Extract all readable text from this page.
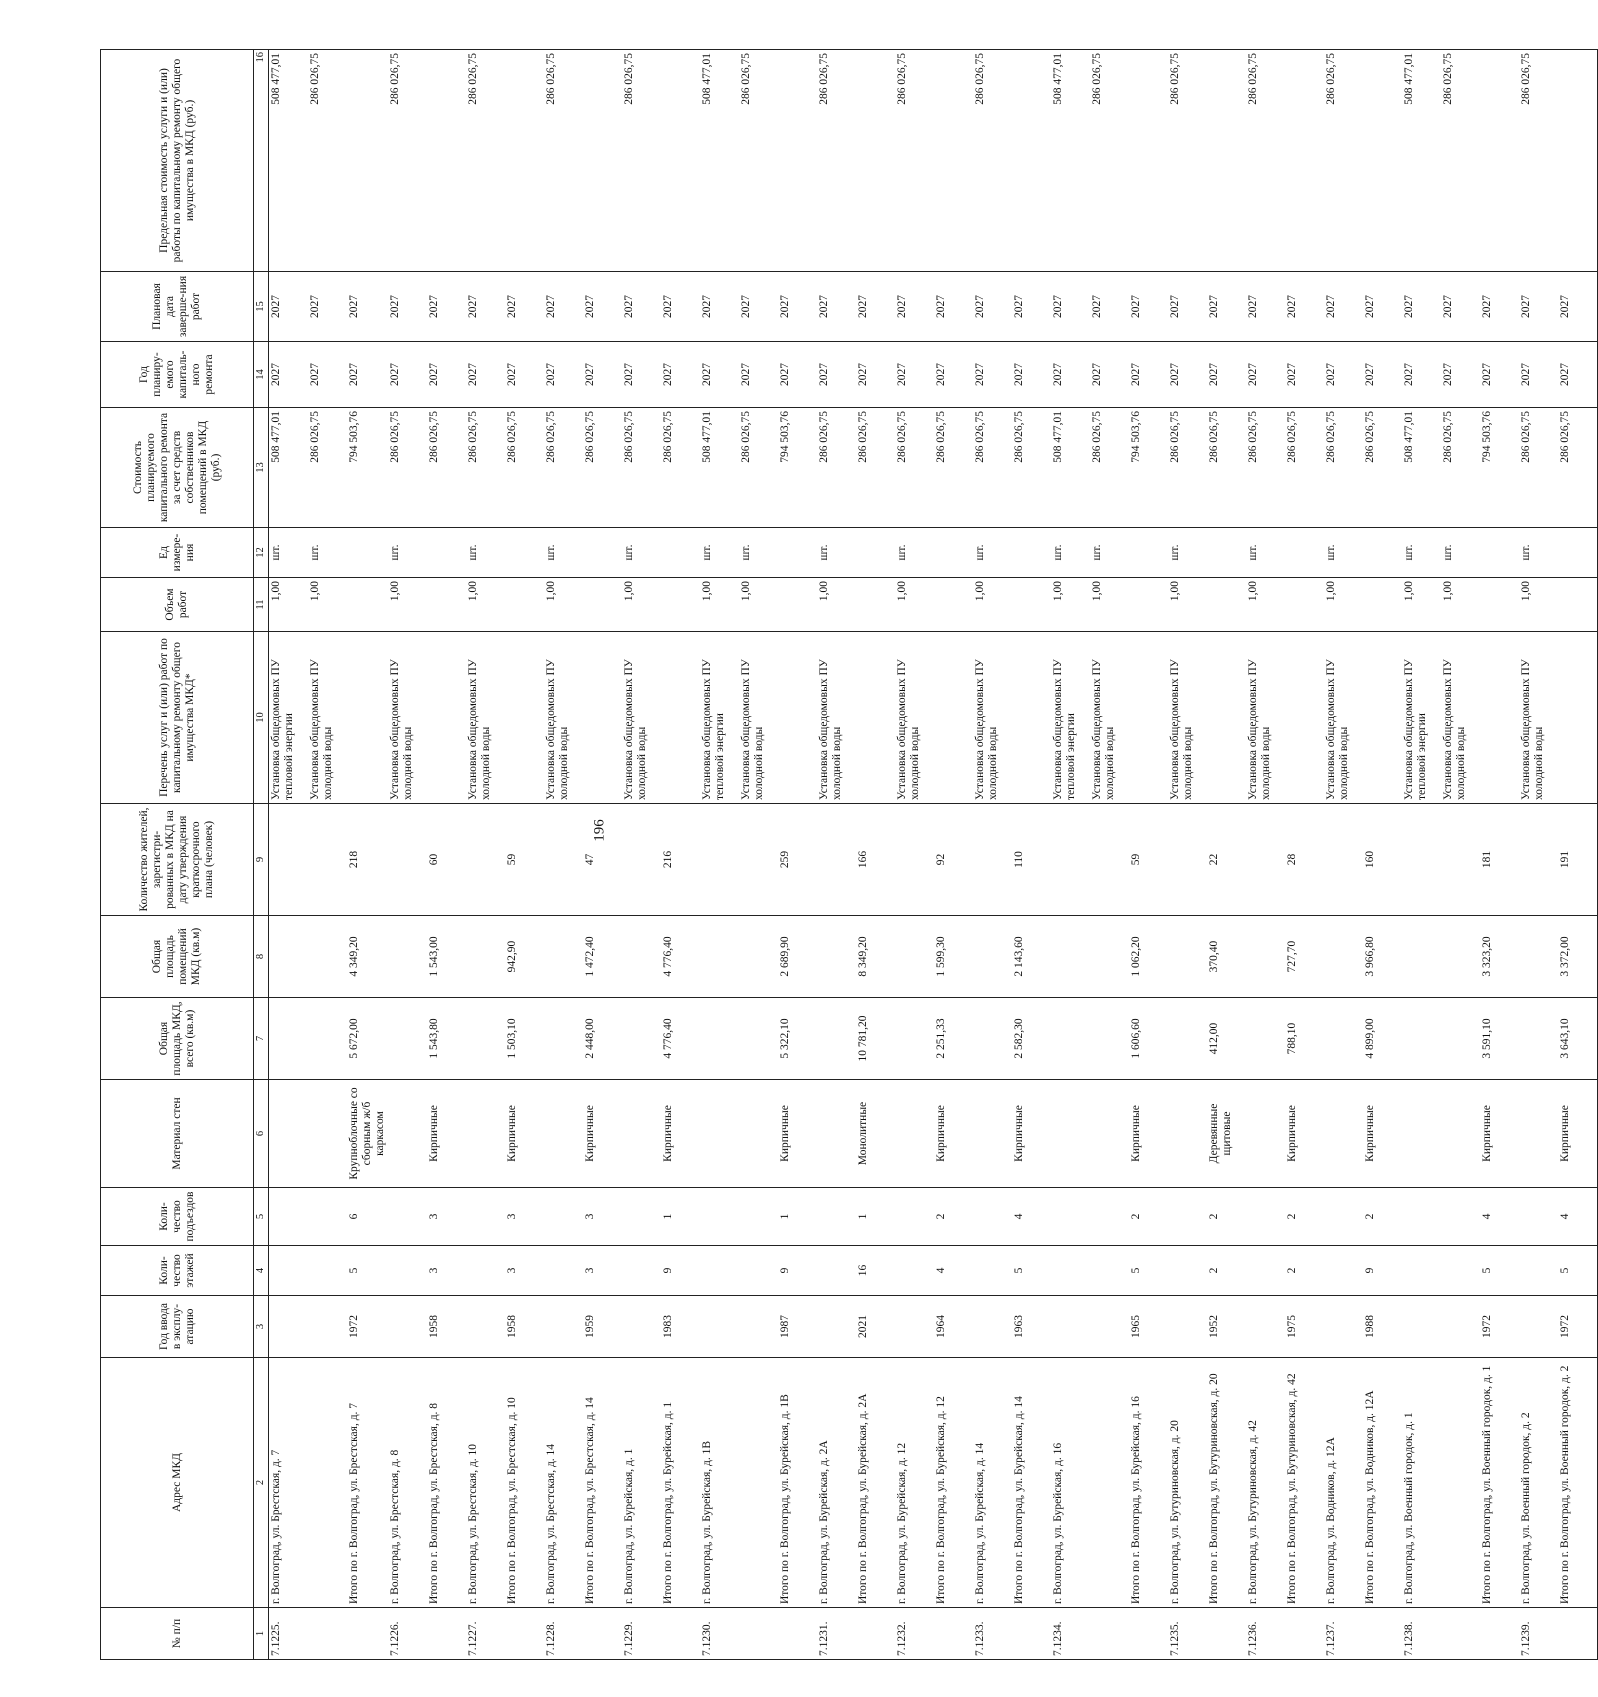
196
№ п/п	Адрес МКД	Год ввода в эксплу-атацию	Коли-чество этажей	Коли-чество подъездов	Материал стен	Общая площадь МКД, всего (кв.м)	Общая площадь помещений МКД (кв.м)	Количество жителей, зарегистри-рованных в МКД на дату утверждения краткосрочного плана (человек)	Перечень услуг и (или) работ по капитальному ремонту общего имущества МКД*	Объем работ	Ед измере-ния	Стоимость планируемого капитального ремонта за счет средств собственников помещений в МКД (руб.)	Год планиру-емого капиталь-ного ремонта	Плановая дата заверше-ния работ	Предельная стоимость услуги и (или) работы по капитальному ремонту общего имущества в МКД (руб.)
1	2	3	4	5	6	7	8	9	10	11	12	13	14	15	16
7.1225.	г. Волгоград, ул. Брестская, д. 7								Установка общедомовых ПУ тепловой энергии	1,00	шт.	508 477,01	2027	2027	508 477,01

									Установка общедомовых ПУ холодной воды	1,00	шт.	286 026,75	2027	2027	286 026,75
	Итого по г. Волгоград, ул. Брестская, д. 7	1972	5	6	Крупноблочные со сборным ж/б каркасом	5 672,00	4 349,20	218				794 503,76	2027	2027	
7.1226.	г. Волгоград, ул. Брестская, д. 8								Установка общедомовых ПУ холодной воды	1,00	шт.	286 026,75	2027	2027	286 026,75
	Итого по г. Волгоград, ул. Брестская, д. 8	1958	3	3	Кирпичные	1 543,80	1 543,00	60				286 026,75	2027	2027	
7.1227.	г. Волгоград, ул. Брестская, д. 10								Установка общедомовых ПУ холодной воды	1,00	шт.	286 026,75	2027	2027	286 026,75
	Итого по г. Волгоград, ул. Брестская, д. 10	1958	3	3	Кирпичные	1 503,10	942,90	59				286 026,75	2027	2027	
7.1228.	г. Волгоград, ул. Брестская, д. 14								Установка общедомовых ПУ холодной воды	1,00	шт.	286 026,75	2027	2027	286 026,75
	Итого по г. Волгоград, ул. Брестская, д. 14	1959	3	3	Кирпичные	2 448,00	1 472,40	47				286 026,75	2027	2027	
7.1229.	г. Волгоград, ул. Бурейская, д. 1								Установка общедомовых ПУ холодной воды	1,00	шт.	286 026,75	2027	2027	286 026,75
	Итого по г. Волгоград, ул. Бурейская, д. 1	1983	9	1	Кирпичные	4 776,40	4 776,40	216				286 026,75	2027	2027	
7.1230.	г. Волгоград, ул. Бурейская, д. 1В								Установка общедомовых ПУ тепловой энергии	1,00	шт.	508 477,01	2027	2027	508 477,01

									Установка общедомовых ПУ холодной воды	1,00	шт.	286 026,75	2027	2027	286 026,75
	Итого по г. Волгоград, ул. Бурейская, д. 1В	1987	9	1	Кирпичные	5 322,10	2 689,90	259				794 503,76	2027	2027	
7.1231.	г. Волгоград, ул. Бурейская, д. 2А								Установка общедомовых ПУ холодной воды	1,00	шт.	286 026,75	2027	2027	286 026,75
	Итого по г. Волгоград, ул. Бурейская, д. 2А	2021	16	1	Монолитные	10 781,20	8 349,20	166				286 026,75	2027	2027	
7.1232.	г. Волгоград, ул. Бурейская, д. 12								Установка общедомовых ПУ холодной воды	1,00	шт.	286 026,75	2027	2027	286 026,75
	Итого по г. Волгоград, ул. Бурейская, д. 12	1964	4	2	Кирпичные	2 251,33	1 599,30	92				286 026,75	2027	2027	
7.1233.	г. Волгоград, ул. Бурейская, д. 14								Установка общедомовых ПУ холодной воды	1,00	шт.	286 026,75	2027	2027	286 026,75
	Итого по г. Волгоград, ул. Бурейская, д. 14	1963	5	4	Кирпичные	2 582,30	2 143,60	110				286 026,75	2027	2027	
7.1234.	г. Волгоград, ул. Бурейская, д. 16								Установка общедомовых ПУ тепловой энергии	1,00	шт.	508 477,01	2027	2027	508 477,01

									Установка общедомовых ПУ холодной воды	1,00	шт.	286 026,75	2027	2027	286 026,75
	Итого по г. Волгоград, ул. Бурейская, д. 16	1965	5	2	Кирпичные	1 606,60	1 062,20	59				794 503,76	2027	2027	
7.1235.	г. Волгоград, ул. Бутуриновская, д. 20								Установка общедомовых ПУ холодной воды	1,00	шт.	286 026,75	2027	2027	286 026,75
	Итого по г. Волгоград, ул. Бутуриновская, д. 20	1952	2	2	Деревянные щитовые	412,00	370,40	22				286 026,75	2027	2027	
7.1236.	г. Волгоград, ул. Бутуриновская, д. 42								Установка общедомовых ПУ холодной воды	1,00	шт.	286 026,75	2027	2027	286 026,75
	Итого по г. Волгоград, ул. Бутуриновская, д. 42	1975	2	2	Кирпичные	788,10	727,70	28				286 026,75	2027	2027	
7.1237.	г. Волгоград, ул. Водников, д. 12А								Установка общедомовых ПУ холодной воды	1,00	шт.	286 026,75	2027	2027	286 026,75
	Итого по г. Волгоград, ул. Водников, д. 12А	1988	9	2	Кирпичные	4 899,00	3 966,80	160				286 026,75	2027	2027	
7.1238.	г. Волгоград, ул. Военный городок, д. 1								Установка общедомовых ПУ тепловой энергии	1,00	шт.	508 477,01	2027	2027	508 477,01

									Установка общедомовых ПУ холодной воды	1,00	шт.	286 026,75	2027	2027	286 026,75
	Итого по г. Волгоград, ул. Военный городок, д. 1	1972	5	4	Кирпичные	3 591,10	3 323,20	181				794 503,76	2027	2027	
7.1239.	г. Волгоград, ул. Военный городок, д. 2								Установка общедомовых ПУ холодной воды	1,00	шт.	286 026,75	2027	2027	286 026,75
	Итого по г. Волгоград, ул. Военный городок, д. 2	1972	5	4	Кирпичные	3 643,10	3 372,00	191				286 026,75	2027	2027	
